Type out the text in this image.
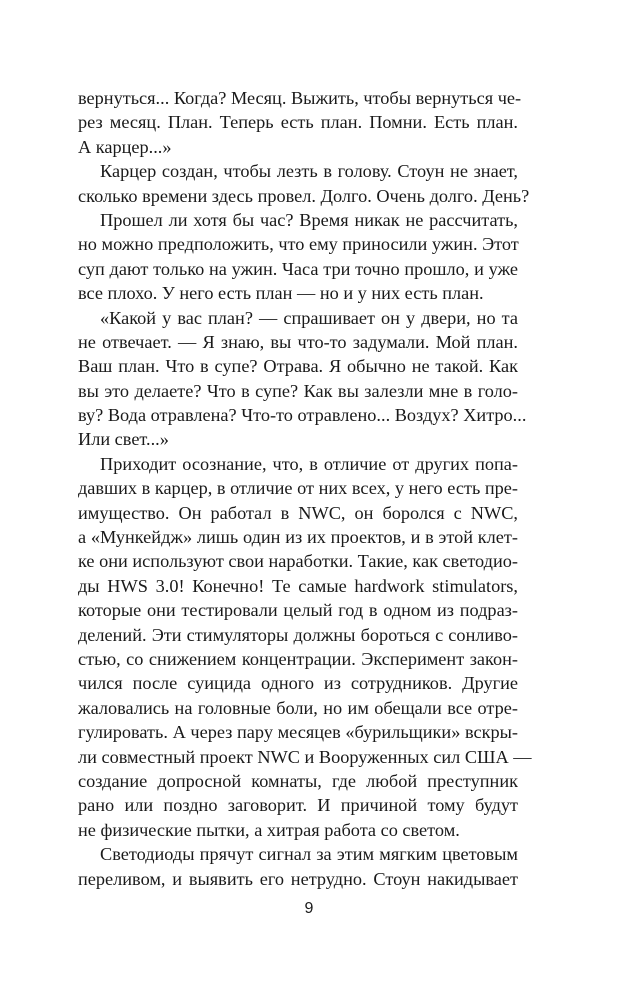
вернуться... Когда? Месяц. Выжить, чтобы вернуться че-
рез месяц. План. Теперь есть план. Помни. Есть план.
А карцер...»
Карцер создан, чтобы лезть в голову. Стоун не знает,
сколько времени здесь провел. Долго. Очень долго. День?
Прошел ли хотя бы час? Время никак не рассчитать,
но можно предположить, что ему приносили ужин. Этот
суп дают только на ужин. Часа три точно прошло, и уже
все плохо. У него есть план — но и у них есть план.
«Какой у вас план? — спрашивает он у двери, но та
не отвечает. — Я знаю, вы что-то задумали. Мой план.
Ваш план. Что в супе? Отрава. Я обычно не такой. Как
вы это делаете? Что в супе? Как вы залезли мне в голо-
ву? Вода отравлена? Что-то отравлено... Воздух? Хитро...
Или свет...»
Приходит осознание, что, в отличие от других попа-
давших в карцер, в отличие от них всех, у него есть пре-
имущество. Он работал в NWC, он боролся с NWC,
а «Мункейдж» лишь один из их проектов, и в этой клет-
ке они используют свои наработки. Такие, как светодио-
ды HWS 3.0! Конечно! Те самые hardwork stimulators,
которые они тестировали целый год в одном из подраз-
делений. Эти стимуляторы должны бороться с сонливо-
стью, со снижением концентрации. Эксперимент закон-
чился после суицида одного из сотрудников. Другие
жаловались на головные боли, но им обещали все отре-
гулировать. А через пару месяцев «бурильщики» вскры-
ли совместный проект NWC и Вооруженных сил США —
создание допросной комнаты, где любой преступник
рано или поздно заговорит. И причиной тому будут
не физические пытки, а хитрая работа со светом.
Светодиоды прячут сигнал за этим мягким цветовым
переливом, и выявить его нетрудно. Стоун накидывает
9
